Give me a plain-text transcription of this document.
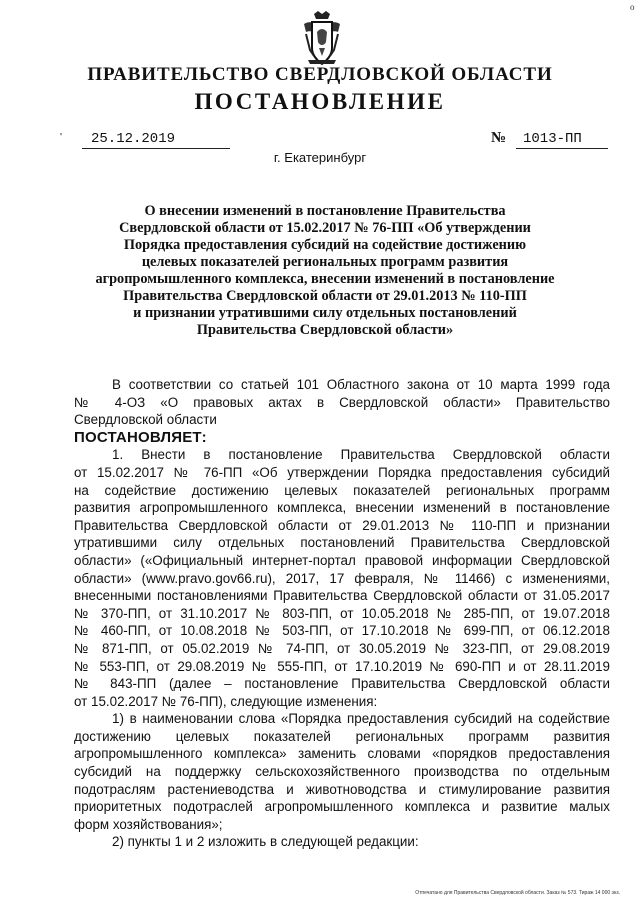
о
ПРАВИТЕЛЬСТВО СВЕРДЛОВСКОЙ ОБЛАСТИ
ПОСТАНОВЛЕНИЕ
' 25.12.2019	№ 1013-ПП
г. Екатеринбург
О внесении изменений в постановление Правительства
Свердловской области от 15.02.2017 № 76-ПП «Об утверждении
Порядка предоставления субсидий на содействие достижению
целевых показателей региональных программ развития
агропромышленного комплекса, внесении изменений в постановление
Правительства Свердловской области от 29.01.2013 № 110-ПП
и признании утратившими силу отдельных постановлений
Правительства Свердловской области»
В соответствии со статьей 101 Областного закона от 10 марта 1999 года
№ 4-ОЗ «О правовых актах в Свердловской области» Правительство
Свердловской области
ПОСТАНОВЛЯЕТ:
1. Внести в постановление Правительства Свердловской области
от 15.02.2017 № 76-ПП «Об утверждении Порядка предоставления субсидий
на содействие достижению целевых показателей региональных программ
развития агропромышленного комплекса, внесении изменений в постановление
Правительства Свердловской области от 29.01.2013 № 110-ПП и признании
утратившими силу отдельных постановлений Правительства Свердловской
области» («Официальный интернет-портал правовой информации Свердловской
области» (www.pravo.gov66.ru), 2017, 17 февраля, № 11466) с изменениями,
внесенными постановлениями Правительства Свердловской области от 31.05.2017
№ 370-ПП, от 31.10.2017 № 803-ПП, от 10.05.2018 № 285-ПП, от 19.07.2018
№ 460-ПП, от 10.08.2018 № 503-ПП, от 17.10.2018 № 699-ПП, от 06.12.2018
№ 871-ПП, от 05.02.2019 № 74-ПП, от 30.05.2019 № 323-ПП, от 29.08.2019
№ 553-ПП, от 29.08.2019 № 555-ПП, от 17.10.2019 № 690-ПП и от 28.11.2019
№ 843-ПП (далее – постановление Правительства Свердловской области
от 15.02.2017 № 76-ПП), следующие изменения:
1) в наименовании слова «Порядка предоставления субсидий на содействие
достижению целевых показателей региональных программ развития
агропромышленного комплекса» заменить словами «порядков предоставления
субсидий на поддержку сельскохозяйственного производства по отдельным
подотраслям растениеводства и животноводства и стимулирование развития
приоритетных подотраслей агропромышленного комплекса и развитие малых
форм хозяйствования»;
2) пункты 1 и 2 изложить в следующей редакции:
Отпечатано для Правительства Свердловской области. Заказ № 573. Тираж 14 000 экз.
